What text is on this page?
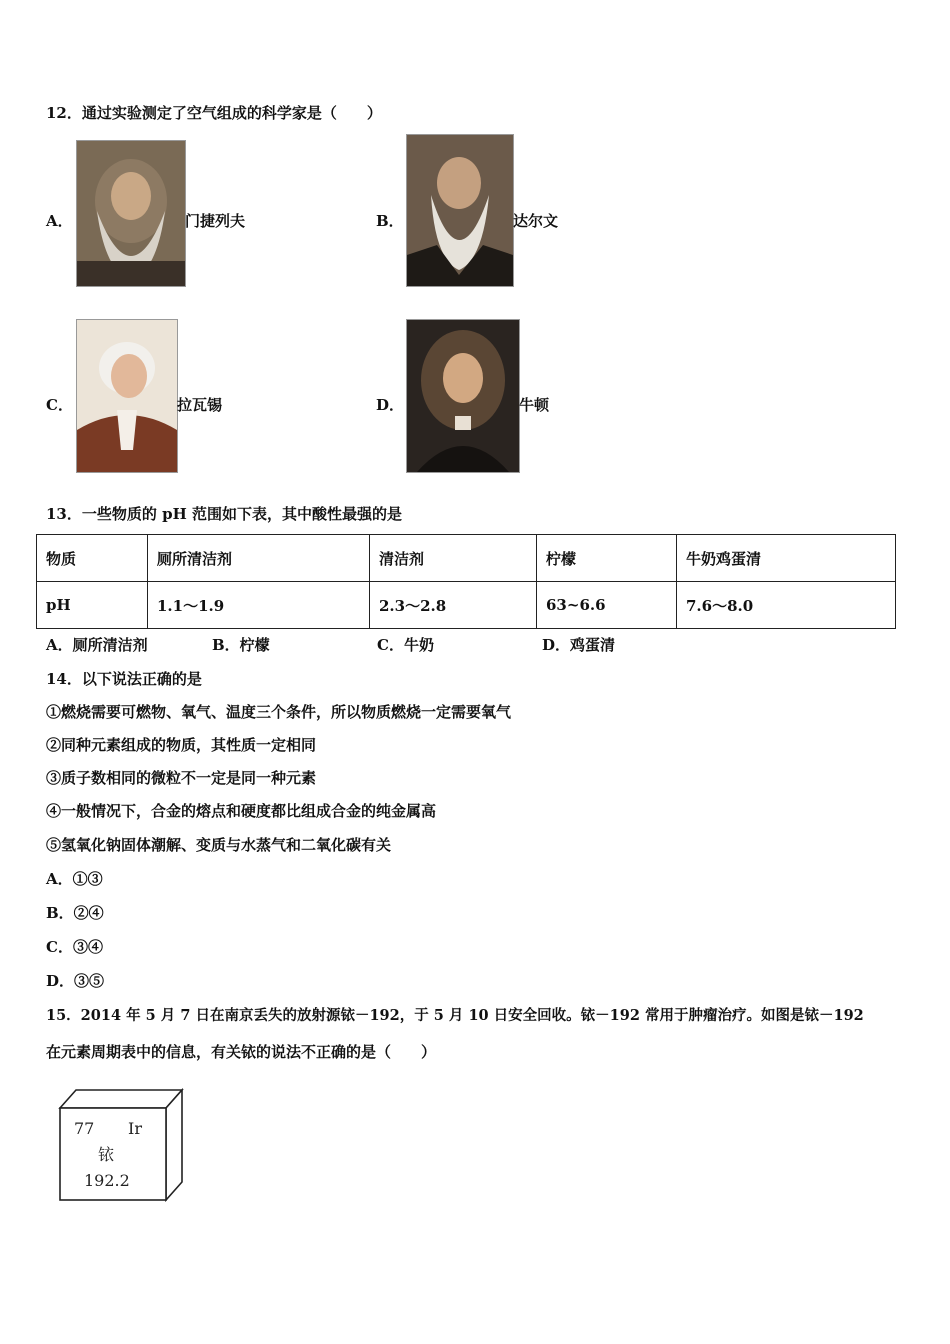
12．通过实验测定了空气组成的科学家是（　　）
A．	门捷列夫	B．	达尔文
C．	拉瓦锡	D．	牛顿
13．一些物质的 pH 范围如下表，其中酸性最强的是
物质	厕所清洁剂	清洁剂	柠檬	牛奶鸡蛋清
pH	1.1～1.9	2.3～2.8	63~6.6	7.6～8.0
A．厕所清洁剂	B．柠檬	C．牛奶	D．鸡蛋清
14．以下说法正确的是
①燃烧需要可燃物、氧气、温度三个条件，所以物质燃烧一定需要氧气
②同种元素组成的物质，其性质一定相同
③质子数相同的微粒不一定是同一种元素
④一般情况下，合金的熔点和硬度都比组成合金的纯金属高
⑤氢氧化钠固体潮解、变质与水蒸气和二氧化碳有关
A．①③
B．②④
C．③④
D．③⑤
15．2014 年 5 月 7 日在南京丢失的放射源铱－192，于 5 月 10 日安全回收。铱－192 常用于肿瘤治疗。如图是铱－192
在元素周期表中的信息，有关铱的说法不正确的是（　　）
77 Ir
铱
192.2
